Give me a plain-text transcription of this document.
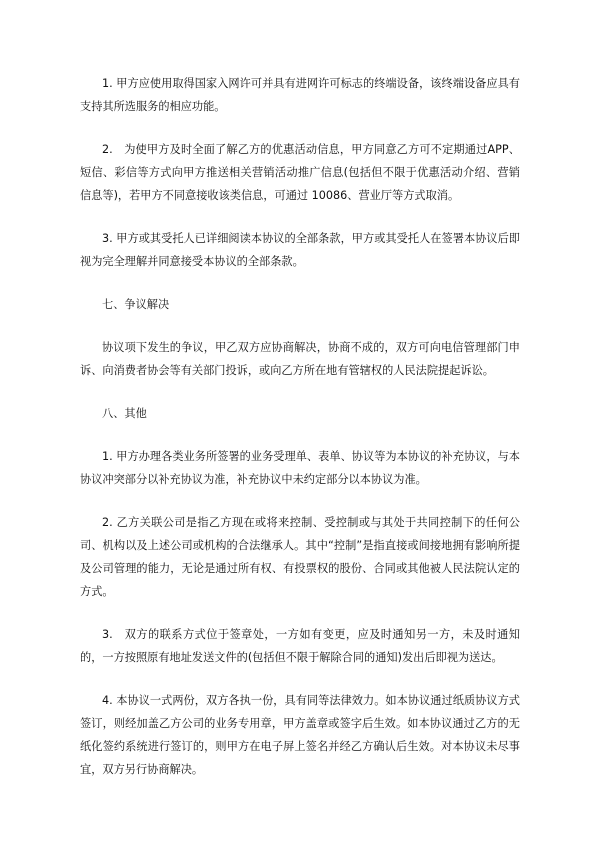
1. 甲方应使用取得国家入网许可并具有进网许可标志的终端设备，该终端设备应具有支持其所选服务的相应功能。

2.　为使甲方及时全面了解乙方的优惠活动信息，甲方同意乙方可不定期通过APP、短信、彩信等方式向甲方推送相关营销活动推广信息(包括但不限于优惠活动介绍、营销信息等)，若甲方不同意接收该类信息，可通过 10086、营业厅等方式取消。

3. 甲方或其受托人已详细阅读本协议的全部条款，甲方或其受托人在签署本协议后即视为完全理解并同意接受本协议的全部条款。

七、争议解决

协议项下发生的争议，甲乙双方应协商解决，协商不成的，双方可向电信管理部门申诉、向消费者协会等有关部门投诉，或向乙方所在地有管辖权的人民法院提起诉讼。

八、其他

1. 甲方办理各类业务所签署的业务受理单、表单、协议等为本协议的补充协议，与本协议冲突部分以补充协议为准，补充协议中未约定部分以本协议为准。

2. 乙方关联公司是指乙方现在或将来控制、受控制或与其处于共同控制下的任何公司、机构以及上述公司或机构的合法继承人。其中“控制”是指直接或间接地拥有影响所提及公司管理的能力，无论是通过所有权、有投票权的股份、合同或其他被人民法院认定的方式。

3.　双方的联系方式位于签章处，一方如有变更，应及时通知另一方，未及时通知的，一方按照原有地址发送文件的(包括但不限于解除合同的通知)发出后即视为送达。

4. 本协议一式两份，双方各执一份，具有同等法律效力。如本协议通过纸质协议方式签订，则经加盖乙方公司的业务专用章，甲方盖章或签字后生效。如本协议通过乙方的无纸化签约系统进行签订的，则甲方在电子屏上签名并经乙方确认后生效。对本协议未尽事宜，双方另行协商解决。
